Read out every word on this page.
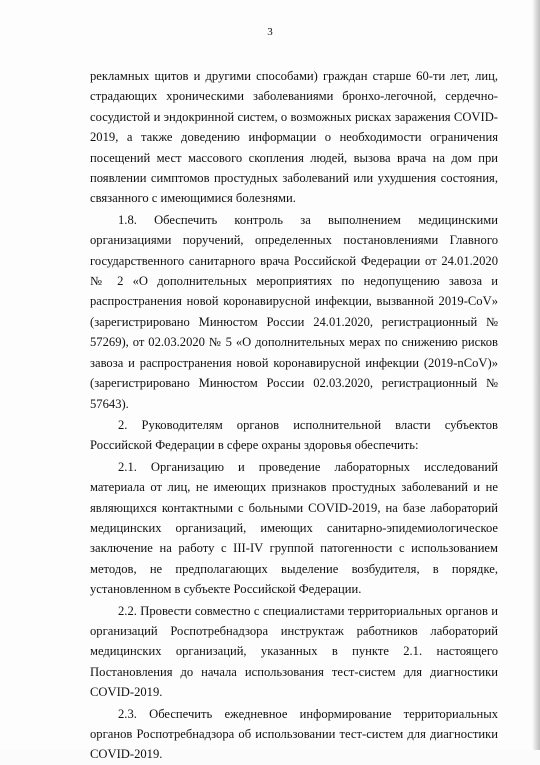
3

рекламных щитов и другими способами) граждан старше 60-ти лет, лиц, страдающих хроническими заболеваниями бронхо-легочной, сердечно-сосудистой и эндокринной систем, о возможных рисках заражения COVID-2019, а также доведению информации о необходимости ограничения посещений мест массового скопления людей, вызова врача на дом при появлении симптомов простудных заболеваний или ухудшения состояния, связанного с имеющимися болезнями.

1.8. Обеспечить контроль за выполнением медицинскими организациями поручений, определенных постановлениями Главного государственного санитарного врача Российской Федерации от 24.01.2020 № 2 «О дополнительных мероприятиях по недопущению завоза и распространения новой коронавирусной инфекции, вызванной 2019-CoV» (зарегистрировано Минюстом России 24.01.2020, регистрационный № 57269), от 02.03.2020 № 5 «О дополнительных мерах по снижению рисков завоза и распространения новой коронавирусной инфекции (2019-nCoV)» (зарегистрировано Минюстом России 02.03.2020, регистрационный № 57643).

2. Руководителям органов исполнительной власти субъектов Российской Федерации в сфере охраны здоровья обеспечить:

2.1. Организацию и проведение лабораторных исследований материала от лиц, не имеющих признаков простудных заболеваний и не являющихся контактными с больными COVID-2019, на базе лабораторий медицинских организаций, имеющих санитарно-эпидемиологическое заключение на работу с III-IV группой патогенности с использованием методов, не предполагающих выделение возбудителя, в порядке, установленном в субъекте Российской Федерации.

2.2. Провести совместно с специалистами территориальных органов и организаций Роспотребнадзора инструктаж работников лабораторий медицинских организаций, указанных в пункте 2.1. настоящего Постановления до начала использования тест-систем для диагностики COVID-2019.

2.3. Обеспечить ежедневное информирование территориальных органов Роспотребнадзора об использовании тест-систем для диагностики COVID-2019.
